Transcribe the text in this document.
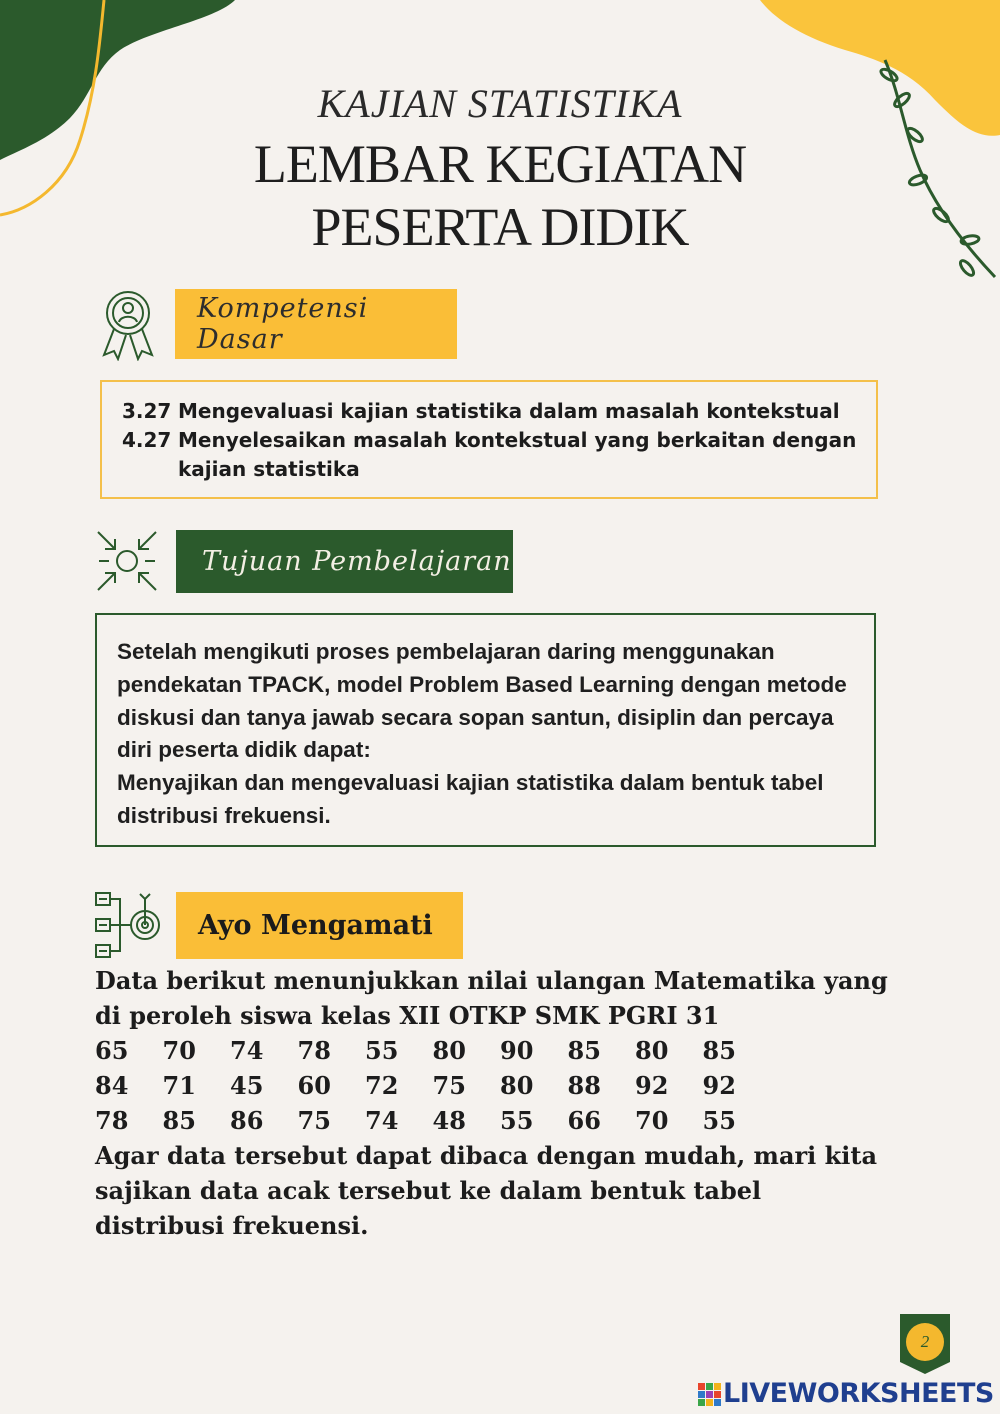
KAJIAN STATISTIKA
LEMBAR KEGIATAN
PESERTA DIDIK
Kompetensi Dasar
3.27 Mengevaluasi kajian statistika dalam masalah kontekstual
4.27 Menyelesaikan masalah kontekstual yang berkaitan dengan kajian statistika
Tujuan Pembelajaran

Setelah mengikuti proses pembelajaran daring menggunakan pendekatan TPACK, model Problem Based Learning dengan metode diskusi dan tanya jawab secara sopan santun, disiplin dan percaya diri peserta didik dapat:

Menyajikan dan mengevaluasi kajian statistika dalam bentuk tabel distribusi frekuensi.

Ayo Mengamati
Data berikut menunjukkan nilai ulangan Matematika yang di peroleh siswa kelas XII OTKP SMK PGRI 31
65	70	74	78	55	80	90	85	80	85
84	71	45	60	72	75	80	88	92	92
78	85	86	75	74	48	55	66	70	55
Agar data tersebut dapat dibaca dengan mudah, mari kita sajikan data acak tersebut ke dalam bentuk tabel distribusi frekuensi.
2
LIVEWORKSHEETS
